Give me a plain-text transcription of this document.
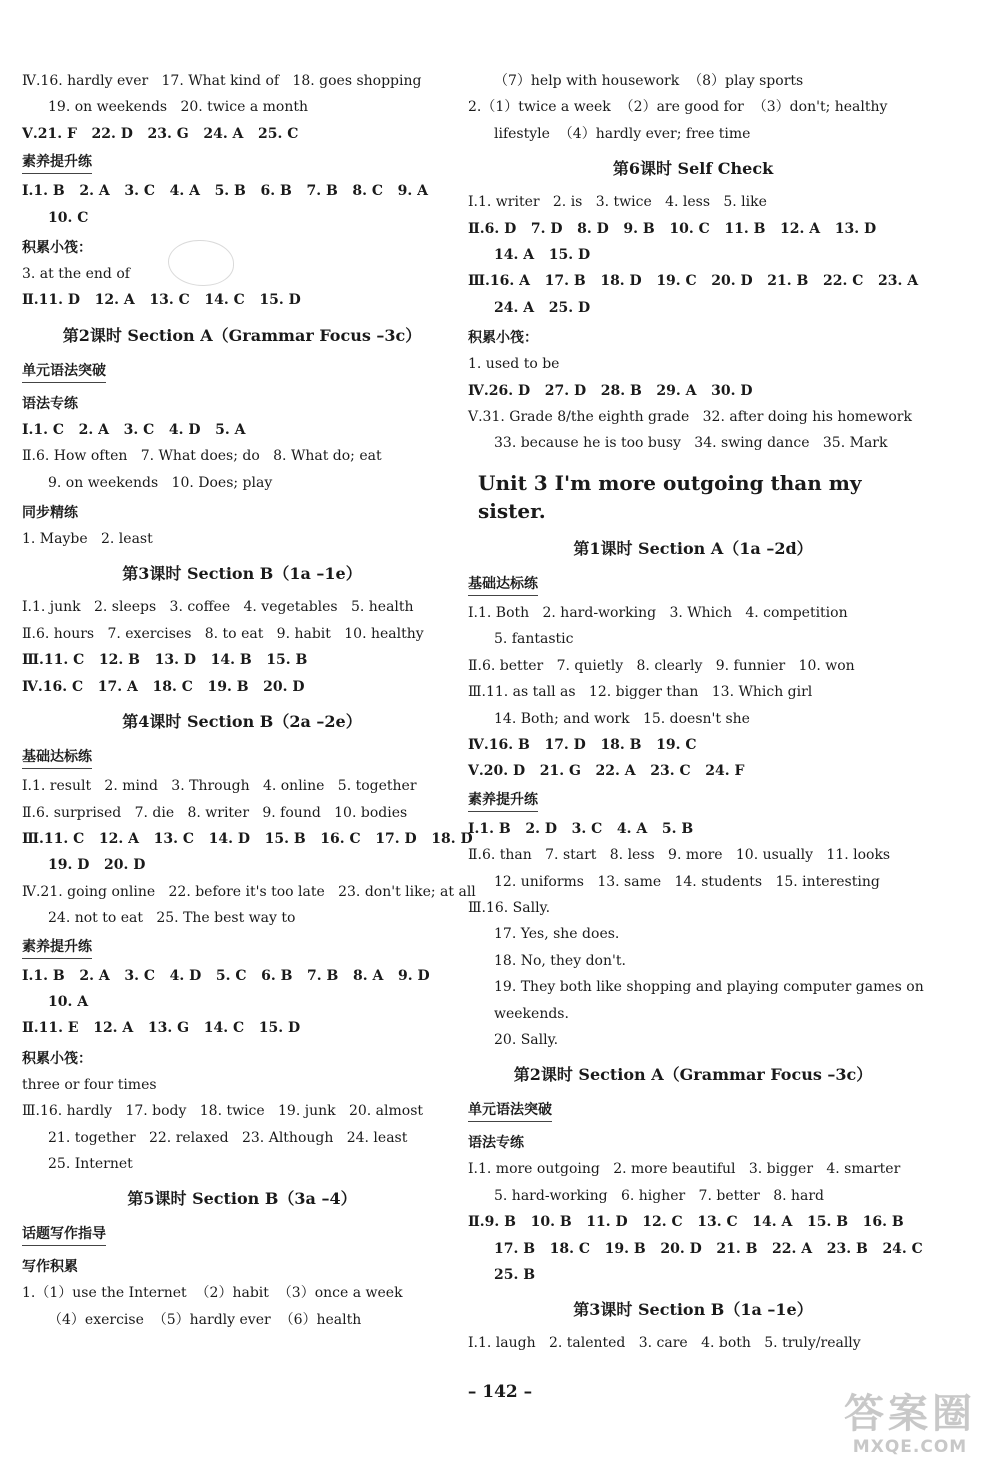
Ⅳ.16. hardly ever   17. What kind of   18. goes shopping
19. on weekends   20. twice a month
Ⅴ.21. F   22. D   23. G   24. A   25. C
素养提升练
Ⅰ.1. B   2. A   3. C   4. A   5. B   6. B   7. B   8. C   9. A
10. C
积累小筏：
3. at the end of
Ⅱ.11. D   12. A   13. C   14. C   15. D
第2课时 Section A（Grammar Focus –3c）
单元语法突破
语法专练
Ⅰ.1. C   2. A   3. C   4. D   5. A
Ⅱ.6. How often   7. What does; do   8. What do; eat
9. on weekends   10. Does; play
同步精练
1. Maybe   2. least
第3课时 Section B（1a –1e）
Ⅰ.1. junk   2. sleeps   3. coffee   4. vegetables   5. health
Ⅱ.6. hours   7. exercises   8. to eat   9. habit   10. healthy
Ⅲ.11. C   12. B   13. D   14. B   15. B
Ⅳ.16. C   17. A   18. C   19. B   20. D
第4课时 Section B（2a –2e）
基础达标练
Ⅰ.1. result   2. mind   3. Through   4. online   5. together
Ⅱ.6. surprised   7. die   8. writer   9. found   10. bodies
Ⅲ.11. C   12. A   13. C   14. D   15. B   16. C   17. D   18. D
19. D   20. D
Ⅳ.21. going online   22. before it's too late   23. don't like; at all
24. not to eat   25. The best way to
素养提升练
Ⅰ.1. B   2. A   3. C   4. D   5. C   6. B   7. B   8. A   9. D
10. A
Ⅱ.11. E   12. A   13. G   14. C   15. D
积累小筏：
three or four times
Ⅲ.16. hardly   17. body   18. twice   19. junk   20. almost
21. together   22. relaxed   23. Although   24. least
25. Internet
第5课时 Section B（3a –4）
话题写作指导
写作积累
1.（1）use the Internet  （2）habit  （3）once a week
（4）exercise  （5）hardly ever  （6）health
（7）help with housework  （8）play sports
2.（1）twice a week  （2）are good for  （3）don't; healthy
lifestyle  （4）hardly ever; free time
第6课时 Self Check
Ⅰ.1. writer   2. is   3. twice   4. less   5. like
Ⅱ.6. D   7. D   8. D   9. B   10. C   11. B   12. A   13. D
14. A   15. D
Ⅲ.16. A   17. B   18. D   19. C   20. D   21. B   22. C   23. A
24. A   25. D
积累小筏：
1. used to be
Ⅳ.26. D   27. D   28. B   29. A   30. D
Ⅴ.31. Grade 8/the eighth grade   32. after doing his homework
33. because he is too busy   34. swing dance   35. Mark
Unit 3 I'm more outgoing than my sister.
第1课时 Section A（1a –2d）
基础达标练
Ⅰ.1. Both   2. hard-working   3. Which   4. competition
5. fantastic
Ⅱ.6. better   7. quietly   8. clearly   9. funnier   10. won
Ⅲ.11. as tall as   12. bigger than   13. Which girl
14. Both; and work   15. doesn't she
Ⅳ.16. B   17. D   18. B   19. C
Ⅴ.20. D   21. G   22. A   23. C   24. F
素养提升练
Ⅰ.1. B   2. D   3. C   4. A   5. B
Ⅱ.6. than   7. start   8. less   9. more   10. usually   11. looks
12. uniforms   13. same   14. students   15. interesting
Ⅲ.16. Sally.
17. Yes, she does.
18. No, they don't.
19. They both like shopping and playing computer games on
weekends.
20. Sally.
第2课时 Section A（Grammar Focus –3c）
单元语法突破
语法专练
Ⅰ.1. more outgoing   2. more beautiful   3. bigger   4. smarter
5. hard-working   6. higher   7. better   8. hard
Ⅱ.9. B   10. B   11. D   12. C   13. C   14. A   15. B   16. B
17. B   18. C   19. B   20. D   21. B   22. A   23. B   24. C
25. B
第3课时 Section B（1a –1e）
Ⅰ.1. laugh   2. talented   3. care   4. both   5. truly/really
– 142 –	答案圈
MXQE.COM
